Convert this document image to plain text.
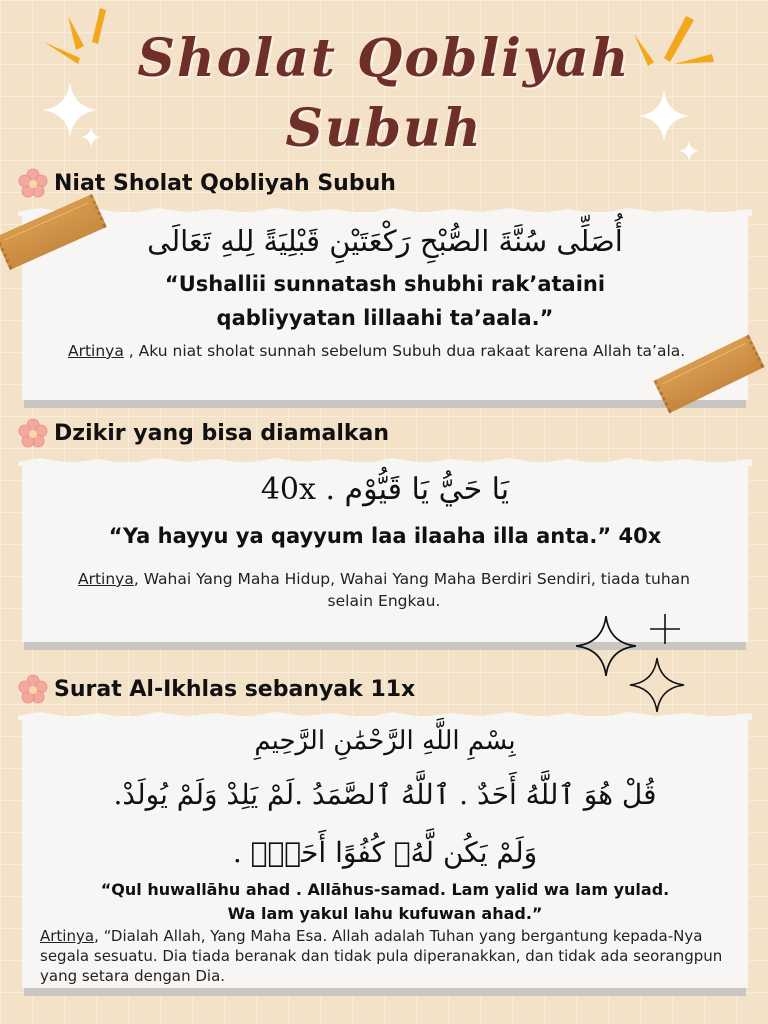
Sholat Qobliyah
Subuh
Niat Sholat Qobliyah Subuh
أُصَلِّى سُنَّةَ الصُّبْحِ رَكْعَتَيْنِ قَبْلِيَةً لِلهِ تَعَالَى
“Ushallii sunnatash shubhi rak’ataini
qabliyyatan lillaahi ta’aala.”
Artinya , Aku niat sholat sunnah sebelum Subuh dua rakaat karena Allah ta’ala.
Dzikir yang bisa diamalkan
يَا حَيُّ يَا قَيُّوْم . 40x
“Ya hayyu ya qayyum laa ilaaha illa anta.” 40x
Artinya, Wahai Yang Maha Hidup, Wahai Yang Maha Berdiri Sendiri, tiada tuhan selain Engkau.
Surat Al-Ikhlas sebanyak 11x
بِسْمِ اللَّهِ الرَّحْمَٰنِ الرَّحِيمِ
قُلْ هُوَ ٱللَّهُ أَحَدٌ . ٱللَّهُ ٱلصَّمَدُ .لَمْ يَلِدْ وَلَمْ يُولَدْ.
وَلَمْ يَكُن لَّهُۥ كُفُوًا أَحَدٌۢ .
“Qul huwallāhu ahad . Allāhus-samad. Lam yalid wa lam yulad.
Wa lam yakul lahu kufuwan ahad.”
Artinya, “Dialah Allah, Yang Maha Esa. Allah adalah Tuhan yang bergantung kepada-Nya segala sesuatu. Dia tiada beranak dan tidak pula diperanakkan, dan tidak ada seorangpun yang setara dengan Dia.
